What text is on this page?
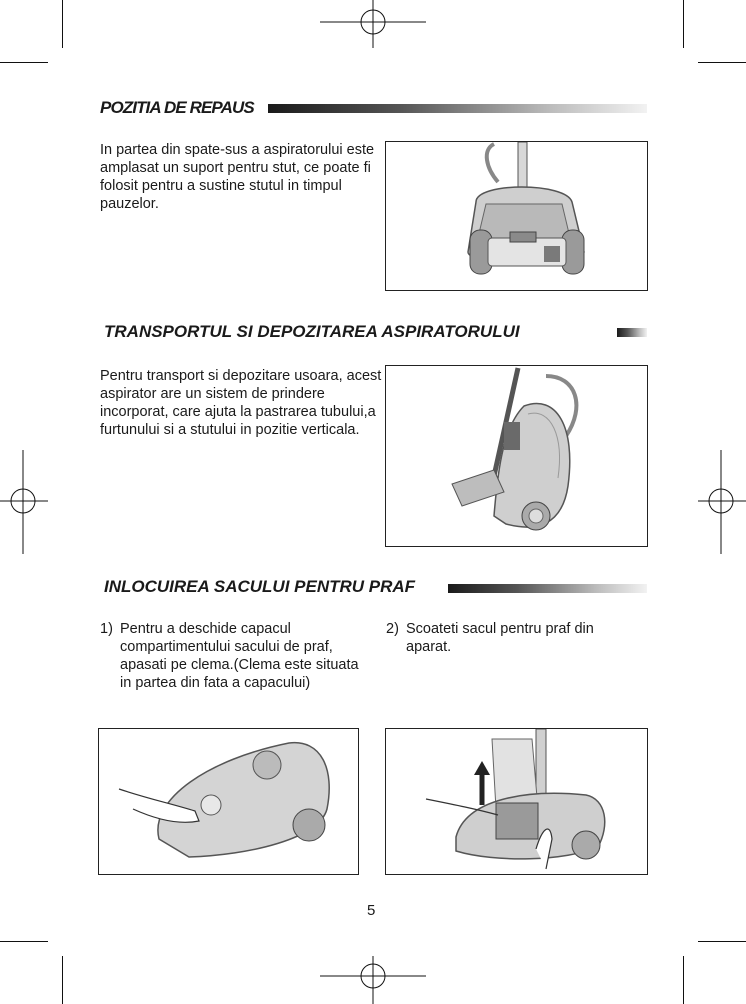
POZITIA DE REPAUS

In partea din spate-sus a aspiratorului este amplasat un suport pentru stut, ce poate fi folosit pentru a sustine stutul in timpul pauzelor.

TRANSPORTUL SI DEPOZITAREA ASPIRATORULUI

Pentru transport si depozitare usoara, acest aspirator are un sistem de prindere incorporat, care ajuta la pastrarea tubului,a furtunului si a stutului in pozitie verticala.

INLOCUIREA SACULUI PENTRU PRAF
1) Pentru a deschide capacul compartimentului sacului de praf, apasati pe clema.(Clema este situata in partea din fata a capacului)
2) Scoateti sacul pentru praf din aparat.
5
